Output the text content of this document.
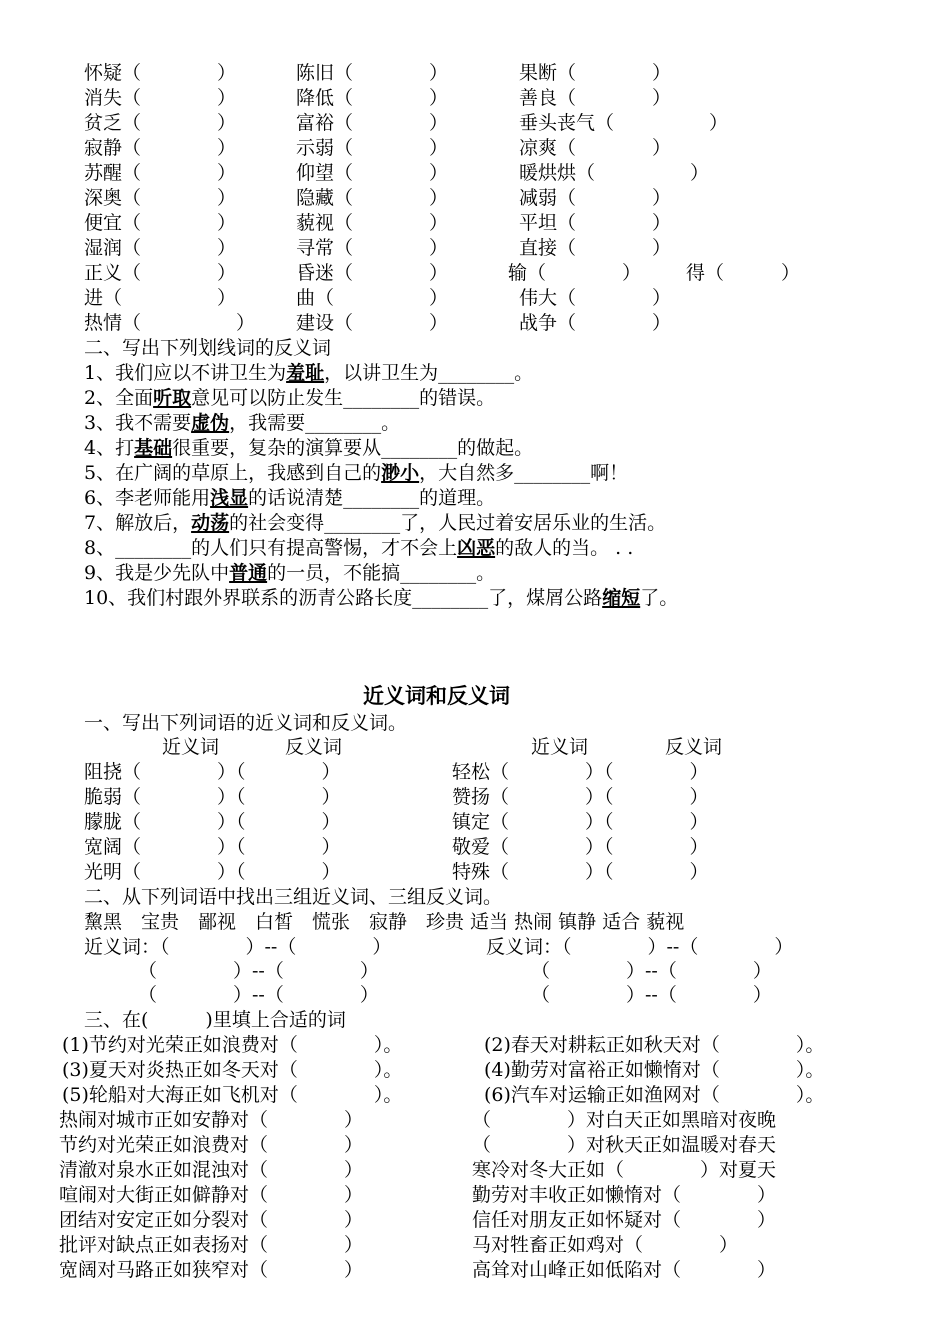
怀疑（　　　　）	陈旧（　　　　）	果断（　　　　）
消失（　　　　）	降低（　　　　）	善良（　　　　）
贫乏（　　　　）	富裕（　　　　）	垂头丧气（　　　　　）
寂静（　　　　）	示弱（　　　　）	凉爽（　　　　）
苏醒（　　　　）	仰望（　　　　）	暖烘烘（　　　　　）
深奥（　　　　）	隐藏（　　　　）	减弱（　　　　）
便宜（　　　　）	藐视（　　　　）	平坦（　　　　）
湿润（　　　　）	寻常（　　　　）	直接（　　　　）
正义（　　　　）	昏迷（　　　　）	输（　　　　） 得（　　　）
进（　　　　　）	曲（　　　　　）	伟大（　　　　）
热情（　　　　　） 建设（　　　　）	战争（　　　　）
二、写出下列划线词的反义词
1、我们应以不讲卫生为羞耻，以讲卫生为________。
2、全面听取意见可以防止发生________的错误。
3、我不需要虚伪，我需要________。
4、打基础很重要，复杂的演算要从________的做起。
5、在广阔的草原上，我感到自己的渺小，大自然多________啊！
6、李老师能用浅显的话说清楚________的道理。
7、解放后，动荡的社会变得________了，人民过着安居乐业的生活。
8、________的人们只有提高警惕，才不会上凶恶的敌人的当。 . .
9、我是少先队中普通的一员，不能搞________。
10、我们村跟外界联系的沥青公路长度________了，煤屑公路缩短了。
近义词和反义词
一、写出下列词语的近义词和反义词。
近义词	反义词	近义词	反义词
阻挠（　　　　）（　　　　）	轻松（　　　　）（　　　　）
脆弱（　　　　）（　　　　）	赞扬（　　　　）（　　　　）
朦胧（　　　　）（　　　　）	镇定（　　　　）（　　　　）
宽阔（　　　　）（　　　　）	敬爱（　　　　）（　　　　）
光明（　　　　）（　　　　）	特殊（　　　　）（　　　　）
二、从下列词语中找出三组近义词、三组反义词。
黧黑　宝贵　鄙视　白皙　慌张　寂静　珍贵 适当 热闹 镇静 适合 藐视
近义词：（　　　　）--（　　　　）	反义词：（　　　　）--（　　　　）
（　　　　）--（　　　　）	（　　　　）--（　　　　）
（　　　　）--（　　　　）	（　　　　）--（　　　　）
三、在(　　　)里填上合适的词
(1)节约对光荣正如浪费对（　　　　）。	(2)春天对耕耘正如秋天对（　　　　）。
(3)夏天对炎热正如冬天对（　　　　）。	(4)勤劳对富裕正如懒惰对（　　　　）。
(5)轮船对大海正如飞机对（　　　　）。	(6)汽车对运输正如渔网对（　　　　）。
热闹对城市正如安静对（　　　　）	（　　　　）对白天正如黑暗对夜晚
节约对光荣正如浪费对（　　　　）	（　　　　）对秋天正如温暖对春天
清澈对泉水正如混浊对（　　　　）	寒冷对冬大正如（　　　　）对夏天
喧闹对大街正如僻静对（　　　　）	勤劳对丰收正如懒惰对（　　　　）
团结对安定正如分裂对（　　　　）	信任对朋友正如怀疑对（　　　　）
批评对缺点正如表扬对（　　　　）	马对牲畜正如鸡对（　　　　）
宽阔对马路正如狭窄对（　　　　）	高耸对山峰正如低陷对（　　　　）
